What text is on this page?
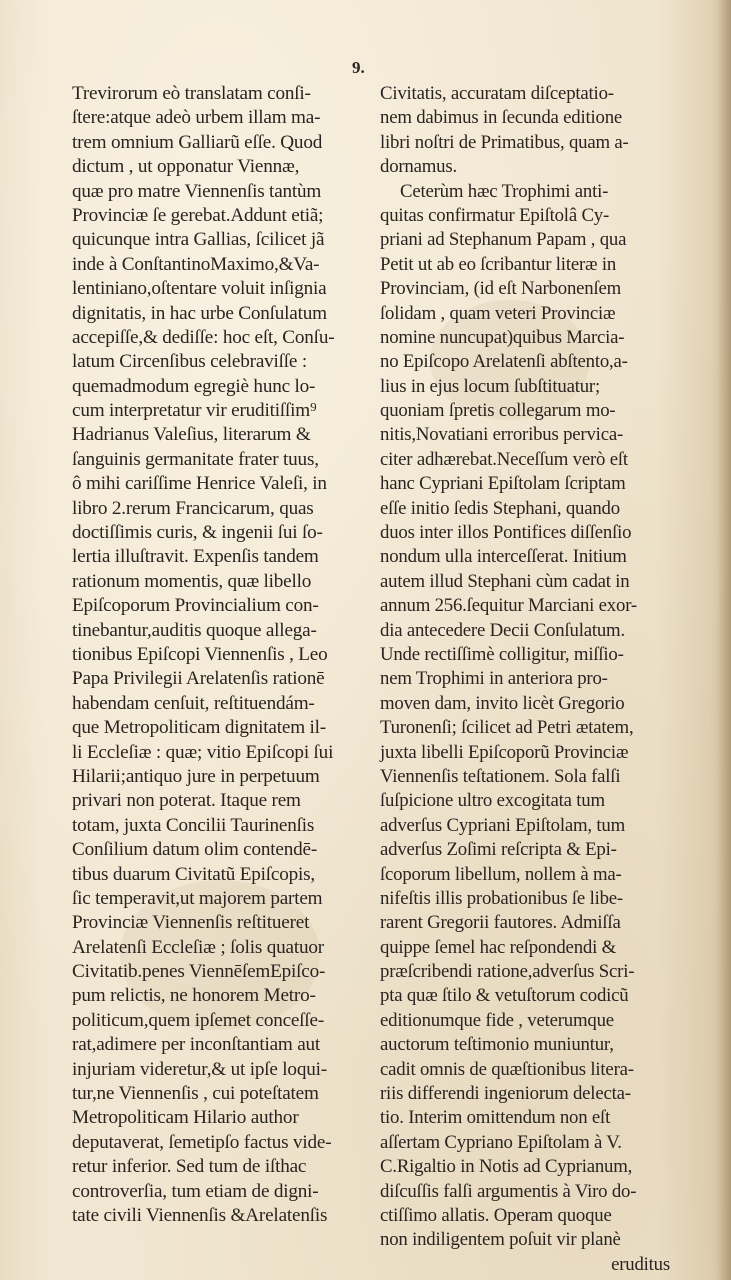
9.
Trevirorum eò translatam conſi-
ſtere:atque adeò urbem illam ma-
trem omnium Galliarũ eſſe. Quod
dictum , ut opponatur Viennæ,
quæ pro matre Viennenſis tantùm
Provinciæ ſe gerebat.Addunt etiã;
quicunque intra Gallias, ſcilicet jã
inde à ConſtantinoMaximo,&Va-
lentiniano,oſtentare voluit inſignia
dignitatis, in hac urbe Conſulatum
accepiſſe,& dediſſe: hoc eſt, Conſu-
latum Circenſibus celebraviſſe :
quemadmodum egregiè hunc lo-
cum interpretatur vir eruditiſſim⁹
Hadrianus Valeſius, literarum &
ſanguinis germanitate frater tuus,
ô mihi cariſſime Henrice Valeſi, in
libro 2.rerum Francicarum, quas
doctiſſimis curis, & ingenii ſui ſo-
lertia illuſtravit. Expenſis tandem
rationum momentis, quæ libello
Epiſcoporum Provincialium con-
tinebantur,auditis quoque allega-
tionibus Epiſcopi Viennenſis , Leo
Papa Privilegii Arelatenſis rationē
habendam cenſuit, reſtituendám-
que Metropoliticam dignitatem il-
li Eccleſiæ : quæ; vitio Epiſcopi ſui
Hilarii;antiquo jure in perpetuum
privari non poterat. Itaque rem
totam, juxta Concilii Taurinenſis
Conſilium datum olim contendē-
tibus duarum Civitatũ Epiſcopis,
ſic temperavit,ut majorem partem
Provinciæ Viennenſis reſtitueret
Arelatenſi Eccleſiæ ; ſolis quatuor
Civitatib.penes ViennēſemEpiſco-
pum relictis, ne honorem Metro-
politicum,quem ipſemet conceſſe-
rat,adimere per inconſtantiam aut
injuriam videretur,& ut ipſe loqui-
tur,ne Viennenſis , cui poteſtatem
Metropoliticam Hilario author
deputaverat, ſemetipſo factus vide-
retur inferior. Sed tum de iſthac
controverſia, tum etiam de digni-
tate civili Viennenſis &Arelatenſis
Civitatis, accuratam diſceptatio-
nem dabimus in ſecunda editione
libri noſtri de Primatibus, quam a-
dornamus.
Ceterùm hæc Trophimi anti-
quitas confirmatur Epiſtolâ Cy-
priani ad Stephanum Papam , qua
Petit ut ab eo ſcribantur literæ in
Provinciam, (id eſt Narbonenſem
ſolidam , quam veteri Provinciæ
nomine nuncupat)quibus Marcia-
no Epiſcopo Arelatenſi abſtento,a-
lius in ejus locum ſubſtituatur;
quoniam ſpretis collegarum mo-
nitis,Novatiani erroribus pervica-
citer adhærebat.Neceſſum verò eſt
hanc Cypriani Epiſtolam ſcriptam
eſſe initio ſedis Stephani, quando
duos inter illos Pontifices diſſenſio
nondum ulla interceſſerat. Initium
autem illud Stephani cùm cadat in
annum 256.ſequitur Marciani exor-
dia antecedere Decii Conſulatum.
Unde rectiſſimè colligitur, miſſio-
nem Trophimi in anteriora pro-
moven dam, invito licèt Gregorio
Turonenſi; ſcilicet ad Petri ætatem,
juxta libelli Epiſcoporũ Provinciæ
Viennenſis teſtationem. Sola falſi
ſuſpicione ultro excogitata tum
adverſus Cypriani Epiſtolam, tum
adverſus Zoſimi reſcripta & Epi-
ſcoporum libellum, nollem à ma-
nifeſtis illis probationibus ſe libe-
rarent Gregorii fautores. Admiſſa
quippe ſemel hac reſpondendi &
præſcribendi ratione,adverſus Scri-
pta quæ ſtilo & vetuſtorum codicũ
editionumque fide , veterumque
auctorum teſtimonio muniuntur,
cadit omnis de quæſtionibus litera-
riis differendi ingeniorum delecta-
tio. Interim omittendum non eſt
aſſertam Cypriano Epiſtolam à V.
C.Rigaltio in Notis ad Cyprianum,
diſcuſſis falſi argumentis à Viro do-
ctiſſimo allatis. Operam quoque
non indiligentem poſuit vir planè
eruditus
